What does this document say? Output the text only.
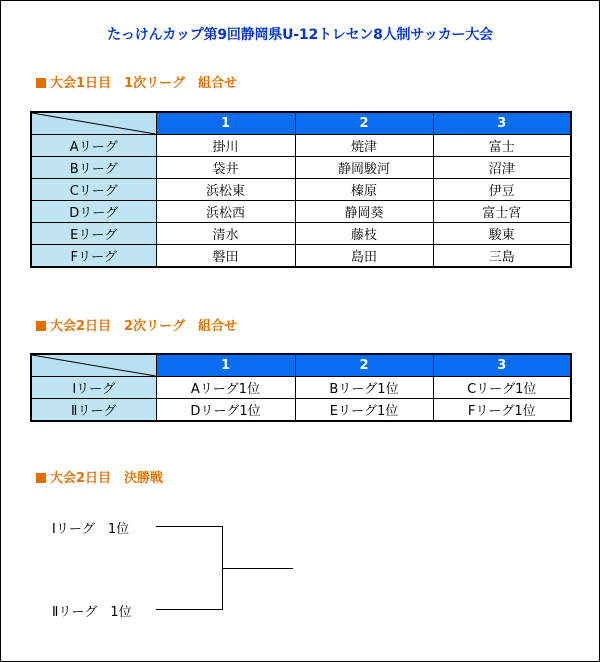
たっけんカップ第9回静岡県U-12トレセン8人制サッカー大会
大会1日目　1次リーグ　組合せ
	1	2	3
Aリーグ	掛川	焼津	富士
Bリーグ	袋井	静岡駿河	沼津
Cリーグ	浜松東	榛原	伊豆
Dリーグ	浜松西	静岡葵	富士宮
Eリーグ	清水	藤枝	駿東
Fリーグ	磐田	島田	三島
大会2日目　2次リーグ　組合せ
	1	2	3
Ⅰリーグ	Aリーグ1位	Bリーグ1位	Cリーグ1位
Ⅱリーグ	Dリーグ1位	Eリーグ1位	Fリーグ1位
大会2日目　決勝戦
Ⅰリーグ　1位
Ⅱリーグ　1位
